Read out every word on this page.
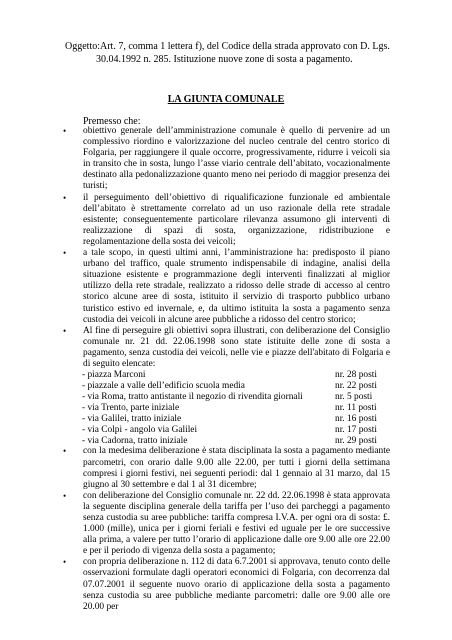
Oggetto:Art. 7, comma 1 lettera f), del Codice della strada approvato con D. Lgs.
30.04.1992 n. 285. Istituzione nuove zone di sosta a pagamento.
LA GIUNTA COMUNALE
Premesso che:
• obiettivo generale dell’amministrazione comunale è quello di pervenire ad un complessivo riordino e valorizzazione del nucleo centrale del centro storico di Folgaria, per raggiungere il quale occorre, progressivamente, ridurre i veicoli sia in transito che in sosta, lungo l’asse viario centrale dell’abitato, vocazionalmente destinato alla pedonalizzazione quanto meno nei periodo di maggior presenza dei turisti;
• il perseguimento dell’obiettivo di riqualificazione funzionale ed ambientale dell’abitato è strettamente correlato ad un uso razionale della rete stradale esistente; conseguentemente particolare rilevanza assumono gli interventi di realizzazione di spazi di sosta, organizzazione, ridistribuzione e regolamentazione della sosta dei veicoli;
• a tale scopo, in questi ultimi anni, l’amministrazione ha: predisposto il piano urbano del traffico, quale strumento indispensabile di indagine, analisi della situazione esistente e programmazione degli interventi finalizzati al miglior utilizzo della rete stradale, realizzato a ridosso delle strade di accesso al centro storico alcune aree di sosta, istituito il servizio di trasporto pubblico urbano turistico estivo ed invernale, e, da ultimo istituita la sosta a pagamento senza custodia dei veicoli in alcune aree pubbliche a ridosso del centro storico;
• Al fine di perseguire gli obiettivi sopra illustrati, con deliberazione del Consiglio comunale nr. 21 dd. 22.06.1998 sono state istituite delle zone di sosta a pagamento, senza custodia dei veicoli, nelle vie e piazze dell'abitato di Folgaria e di seguito elencate:
- piazza Marconi	nr. 28 posti
- piazzale a valle dell’edificio scuola media	nr. 22 posti
- via Roma, tratto antistante il negozio di rivendita giornali	nr. 5 posti
- via Trento, parte iniziale	nr. 11 posti
- via Galilei, tratto iniziale	nr. 16 posti
- via Colpi - angolo via Galilei	nr. 17 posti
- via Cadorna, tratto iniziale	nr. 29 posti
• con la medesima deliberazione è stata disciplinata la sosta a pagamento mediante parcometri, con orario dalle 9.00 alle 22.00, per tutti i giorni della settimana compresi i giorni festivi, nei seguenti periodi: dal 1 gennaio al 31 marzo, dal 15 giugno al 30 settembre e dal 1 al 31 dicembre;
• con deliberazione del Consiglio comunale nr. 22 dd. 22.06.1998 è stata approvata la seguente disciplina generale della tariffa per l’uso dei parcheggi a pagamento senza custodia su aree pubbliche: tariffa compresa I.V.A. per ogni ora di sosta: £. 1.000 (mille), unica per i giorni feriali e festivi ed uguale per le ore successive alla prima, a valere per tutto l’orario di applicazione dalle ore 9.00 alle ore 22.00 e per il periodo di vigenza della sosta a pagamento;
• con propria deliberazione n. 112 di data 6.7.2001 si approvava, tenuto conto delle osservazioni formulate dagli operatori economici di Folgaria, con decorrenza dal 07.07.2001 il seguente nuovo orario di applicazione della sosta a pagamento senza custodia su aree pubbliche mediante parcometri: dalle ore 9.00 alle ore 20.00 per
